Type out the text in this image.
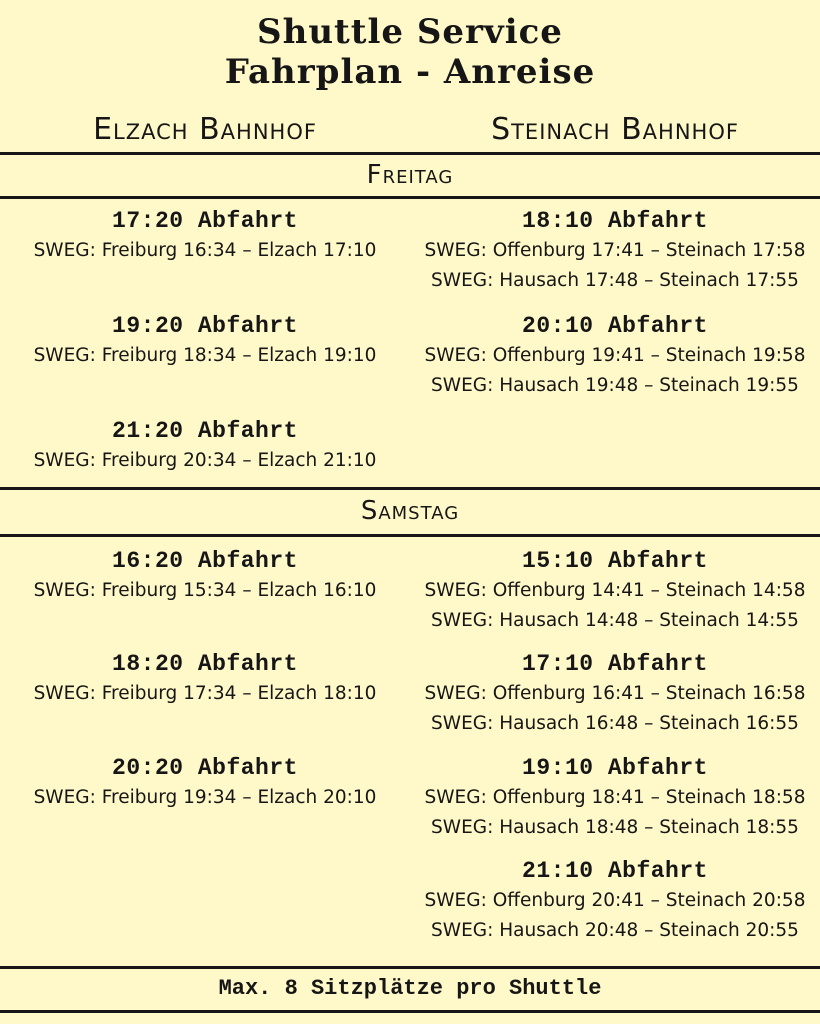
Shuttle Service
Fahrplan - Anreise
Elzach Bahnhof	Steinach Bahnhof
Freitag
17:20 Abfahrt
SWEG: Freiburg 16:34 – Elzach 17:10
19:20 Abfahrt
SWEG: Freiburg 18:34 – Elzach 19:10
21:20 Abfahrt
SWEG: Freiburg 20:34 – Elzach 21:10
18:10 Abfahrt
SWEG: Offenburg 17:41 – Steinach 17:58
SWEG: Hausach 17:48 – Steinach 17:55
20:10 Abfahrt
SWEG: Offenburg 19:41 – Steinach 19:58
SWEG: Hausach 19:48 – Steinach 19:55
Samstag
16:20 Abfahrt
SWEG: Freiburg 15:34 – Elzach 16:10
18:20 Abfahrt
SWEG: Freiburg 17:34 – Elzach 18:10
20:20 Abfahrt
SWEG: Freiburg 19:34 – Elzach 20:10
15:10 Abfahrt
SWEG: Offenburg 14:41 – Steinach 14:58
SWEG: Hausach 14:48 – Steinach 14:55
17:10 Abfahrt
SWEG: Offenburg 16:41 – Steinach 16:58
SWEG: Hausach 16:48 – Steinach 16:55
19:10 Abfahrt
SWEG: Offenburg 18:41 – Steinach 18:58
SWEG: Hausach 18:48 – Steinach 18:55
21:10 Abfahrt
SWEG: Offenburg 20:41 – Steinach 20:58
SWEG: Hausach 20:48 – Steinach 20:55
Max. 8 Sitzplätze pro Shuttle
